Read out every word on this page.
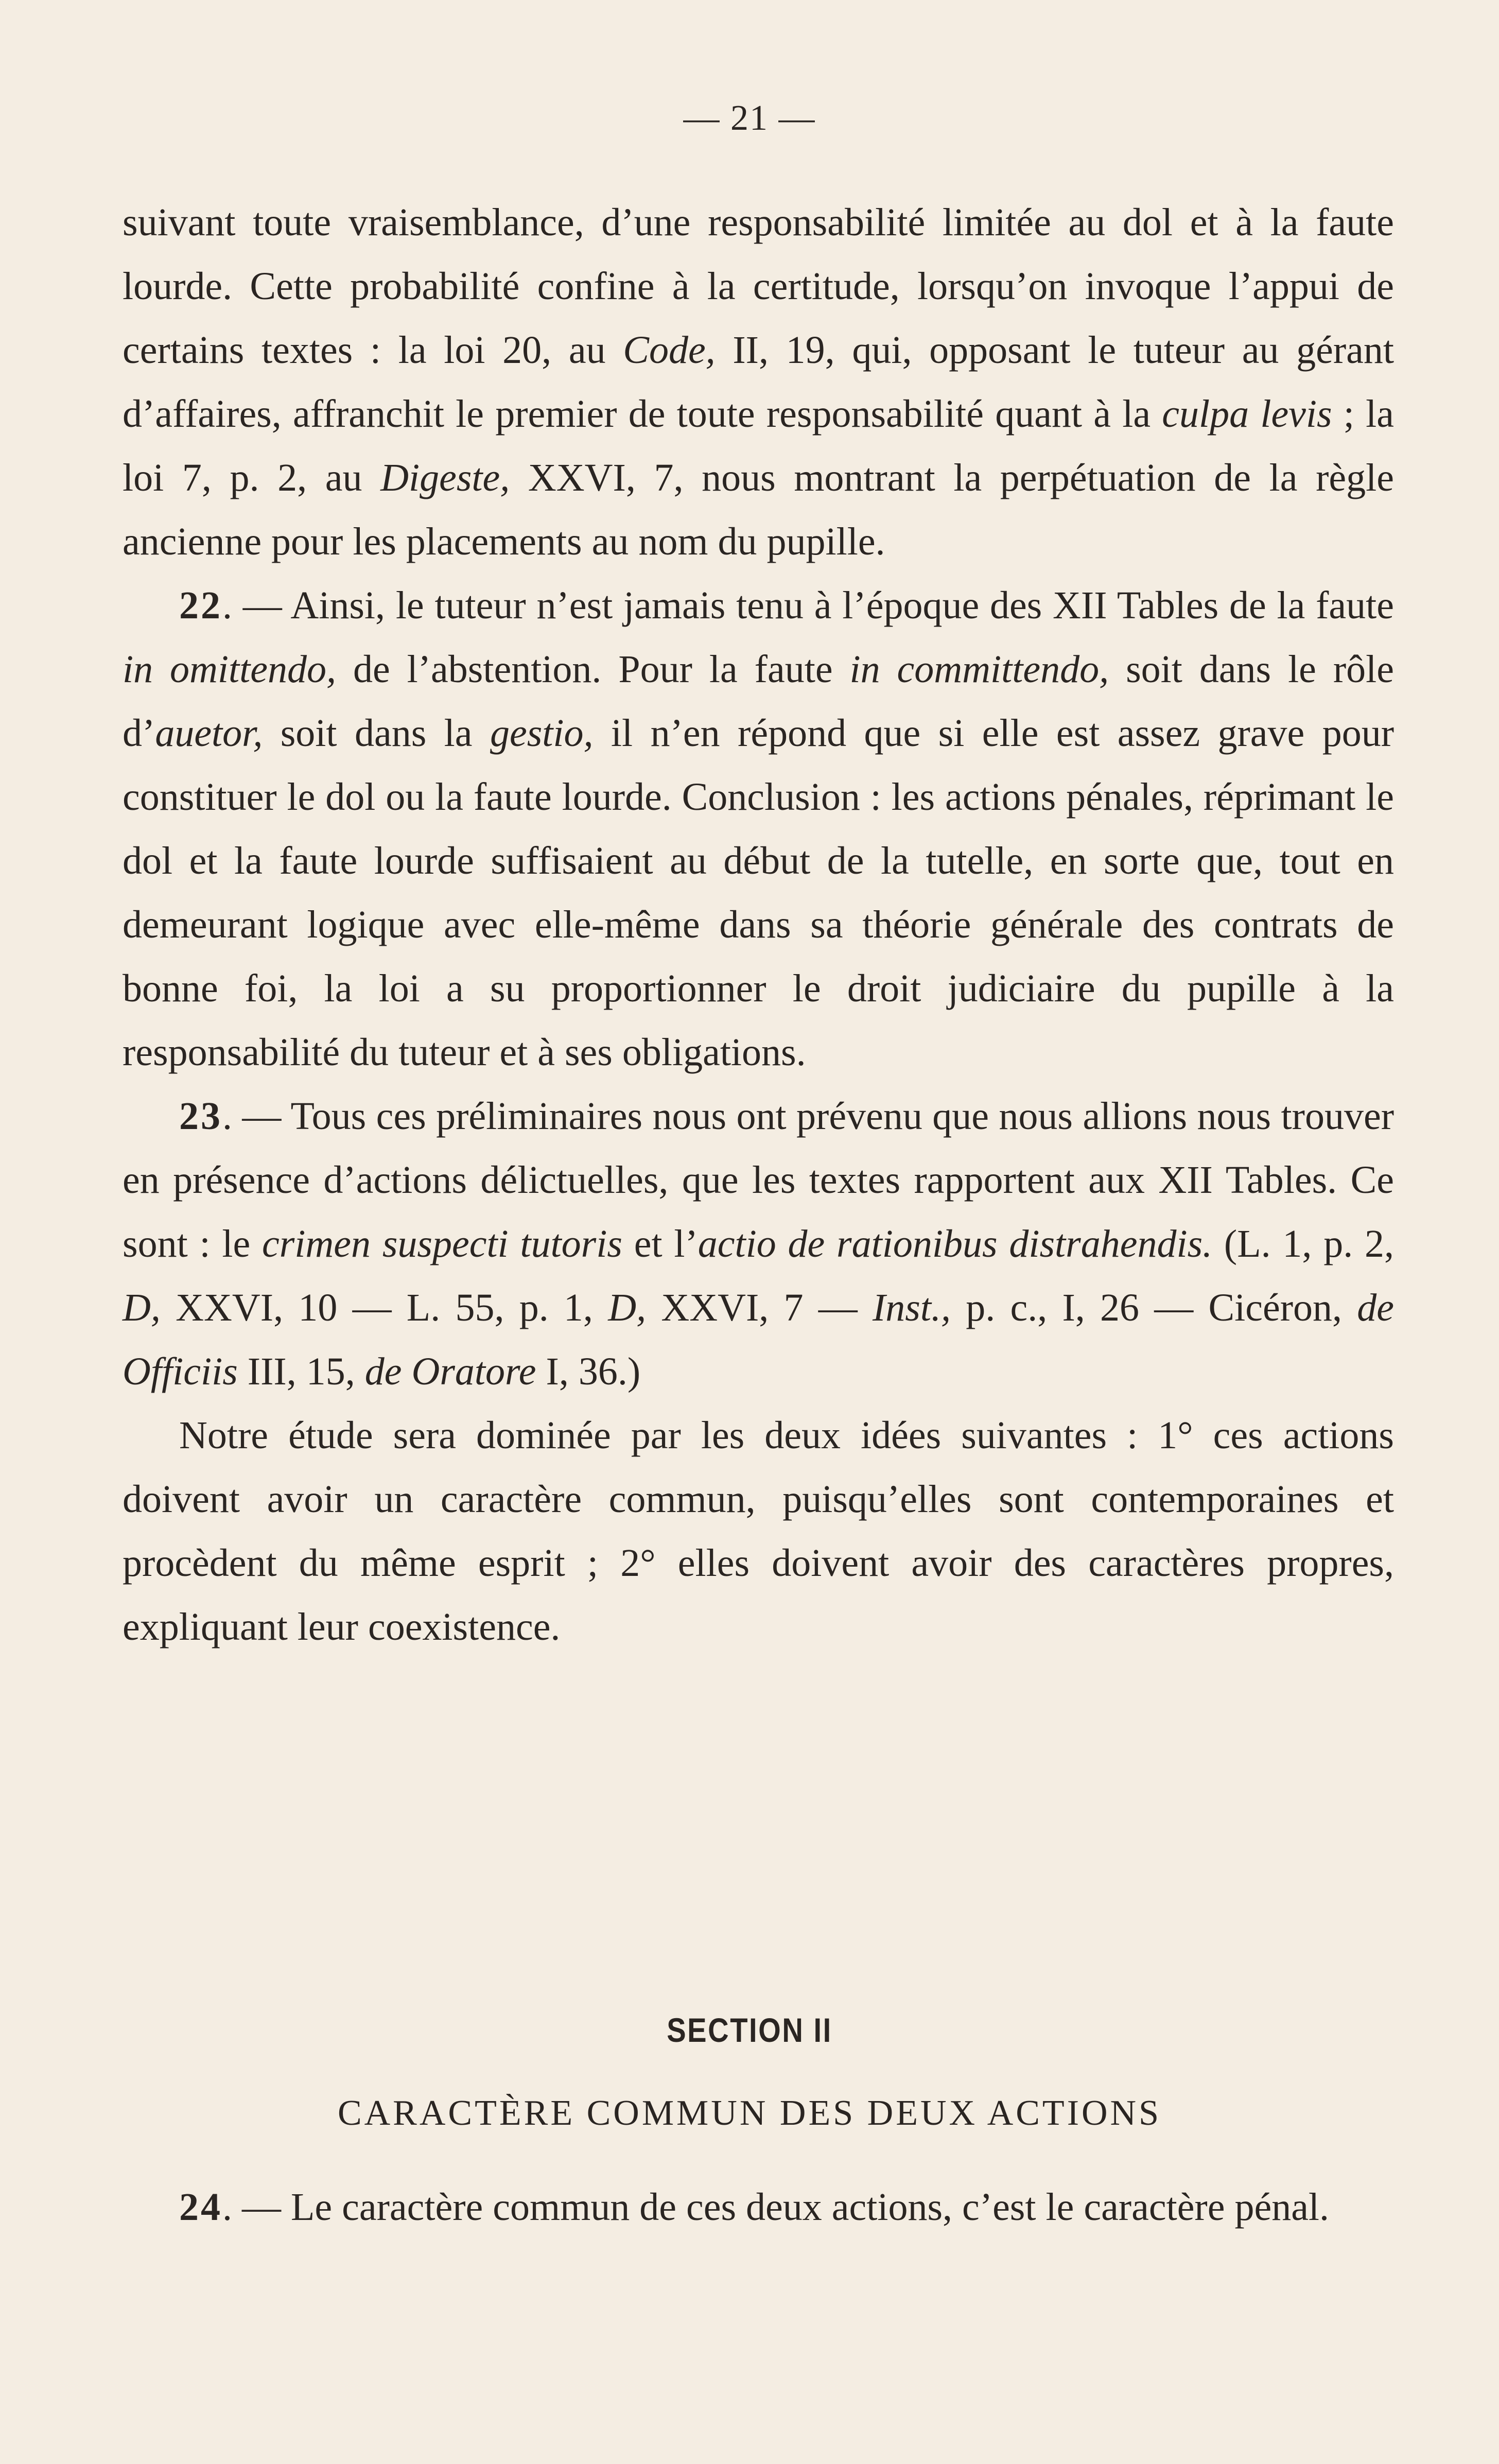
— 21 —

suivant toute vraisemblance, d’une responsabilité limitée au dol et à la faute lourde. Cette probabilité confine à la certitude, lorsqu’on invoque l’appui de certains textes : la loi 20, au Code, II, 19, qui, opposant le tuteur au gérant d’affaires, affranchit le premier de toute responsabilité quant à la culpa levis ; la loi 7, p. 2, au Digeste, XXVI, 7, nous montrant la perpétuation de la règle ancienne pour les placements au nom du pupille.

22. — Ainsi, le tuteur n’est jamais tenu à l’époque des XII Tables de la faute in omittendo, de l’abstention. Pour la faute in committendo, soit dans le rôle d’auetor, soit dans la gestio, il n’en répond que si elle est assez grave pour constituer le dol ou la faute lourde. Conclusion : les actions pénales, réprimant le dol et la faute lourde suffisaient au début de la tutelle, en sorte que, tout en demeurant logique avec elle-même dans sa théorie générale des contrats de bonne foi, la loi a su proportionner le droit judiciaire du pupille à la responsabilité du tuteur et à ses obligations.

23. — Tous ces préliminaires nous ont prévenu que nous allions nous trouver en présence d’actions délictuelles, que les textes rapportent aux XII Tables. Ce sont : le crimen suspecti tutoris et l’actio de rationibus distrahendis. (L. 1, p. 2, D, XXVI, 10 — L. 55, p. 1, D, XXVI, 7 — Inst., p. c., I, 26 — Cicéron, de Officiis III, 15, de Oratore I, 36.)

Notre étude sera dominée par les deux idées suivantes : 1° ces actions doivent avoir un caractère commun, puisqu’elles sont contemporaines et procèdent du même esprit ; 2° elles doivent avoir des caractères propres, expliquant leur coexistence.

SECTION II
CARACTÈRE COMMUN DES DEUX ACTIONS

24. — Le caractère commun de ces deux actions, c’est le caractère pénal.
